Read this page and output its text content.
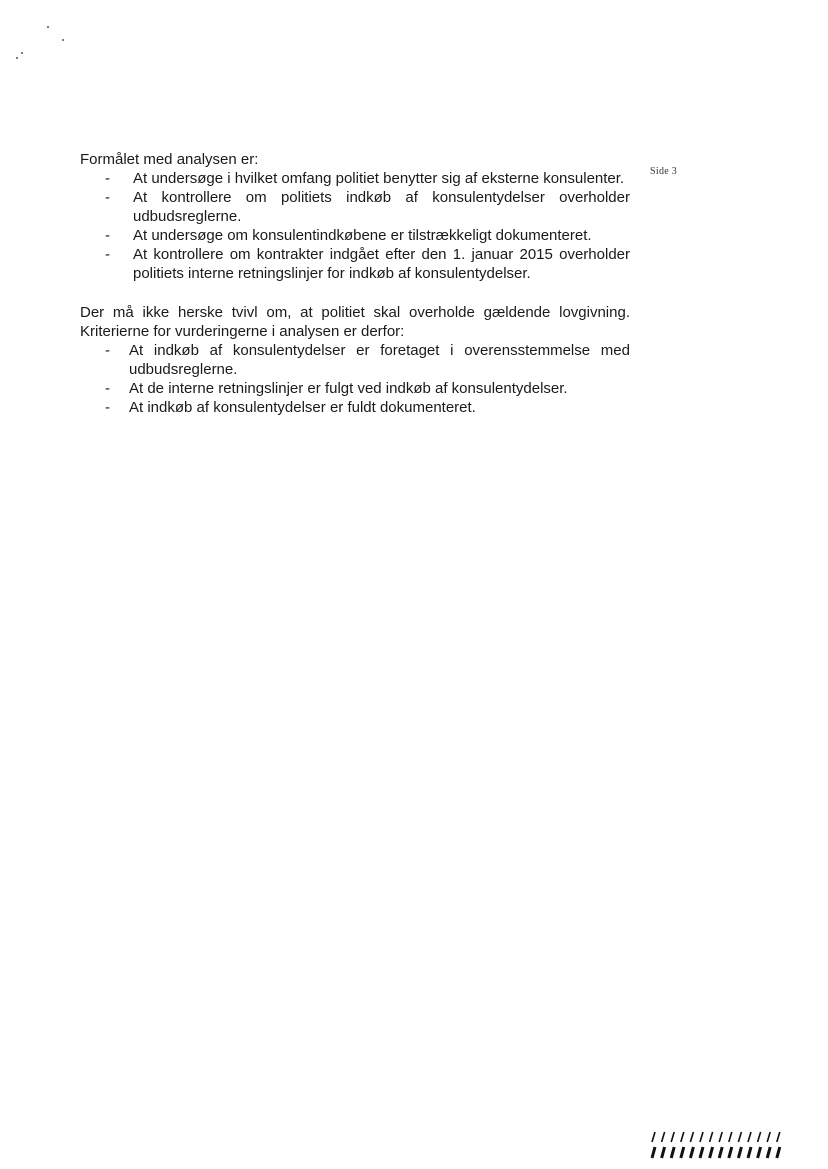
Side 3

Formålet med analysen er:

- At undersøge i hvilket omfang politiet benytter sig af eksterne konsulenter.
- At kontrollere om politiets indkøb af konsulentydelser overholder udbudsreglerne.
- At undersøge om konsulentindkøbene er tilstrækkeligt dokumenteret.
- At kontrollere om kontrakter indgået efter den 1. januar 2015 overholder politiets interne retningslinjer for indkøb af konsulentydelser.

Der må ikke herske tvivl om, at politiet skal overholde gældende lovgivning. Kriterierne for vurderingerne i analysen er derfor:

- At indkøb af konsulentydelser er foretaget i overensstemmelse med udbudsreglerne.
- At de interne retningslinjer er fulgt ved indkøb af konsulentydelser.
- At indkøb af konsulentydelser er fuldt dokumenteret.
